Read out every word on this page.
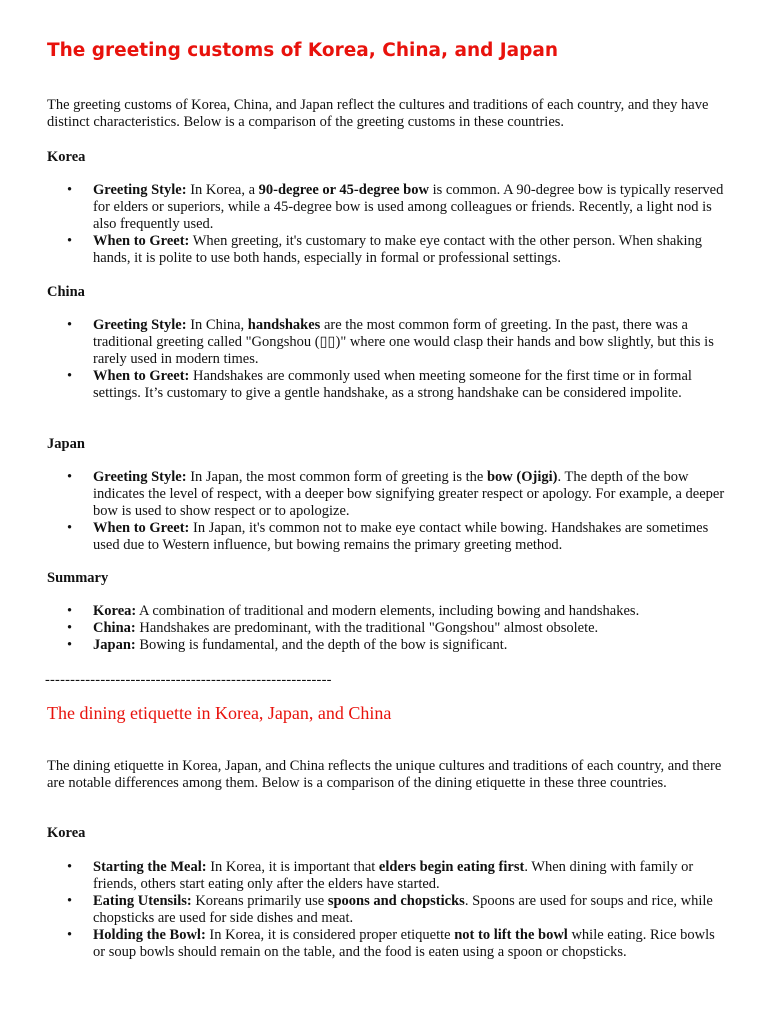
The greeting customs of Korea, China, and Japan

The greeting customs of Korea, China, and Japan reflect the cultures and traditions of each country, and they have distinct characteristics. Below is a comparison of the greeting customs in these countries.

Korea

• Greeting Style: In Korea, a 90-degree or 45-degree bow is common. A 90-degree bow is typically reserved for elders or superiors, while a 45-degree bow is used among colleagues or friends. Recently, a light nod is also frequently used.
• When to Greet: When greeting, it's customary to make eye contact with the other person. When shaking hands, it is polite to use both hands, especially in formal or professional settings.

China

• Greeting Style: In China, handshakes are the most common form of greeting. In the past, there was a traditional greeting called "Gongshou (▯▯)" where one would clasp their hands and bow slightly, but this is rarely used in modern times.
• When to Greet: Handshakes are commonly used when meeting someone for the first time or in formal settings. It’s customary to give a gentle handshake, as a strong handshake can be considered impolite.

Japan

• Greeting Style: In Japan, the most common form of greeting is the bow (Ojigi). The depth of the bow indicates the level of respect, with a deeper bow signifying greater respect or apology. For example, a deeper bow is used to show respect or to apologize.
• When to Greet: In Japan, it's common not to make eye contact while bowing. Handshakes are sometimes used due to Western influence, but bowing remains the primary greeting method.

Summary

• Korea: A combination of traditional and modern elements, including bowing and handshakes.
• China: Handshakes are predominant, with the traditional "Gongshou" almost obsolete.
• Japan: Bowing is fundamental, and the depth of the bow is significant.
The dining etiquette in Korea, Japan, and China

The dining etiquette in Korea, Japan, and China reflects the unique cultures and traditions of each country, and there are notable differences among them. Below is a comparison of the dining etiquette in these three countries.

Korea

• Starting the Meal: In Korea, it is important that elders begin eating first. When dining with family or friends, others start eating only after the elders have started.
• Eating Utensils: Koreans primarily use spoons and chopsticks. Spoons are used for soups and rice, while chopsticks are used for side dishes and meat.
• Holding the Bowl: In Korea, it is considered proper etiquette not to lift the bowl while eating. Rice bowls or soup bowls should remain on the table, and the food is eaten using a spoon or chopsticks.

---------------------------------------------------------
